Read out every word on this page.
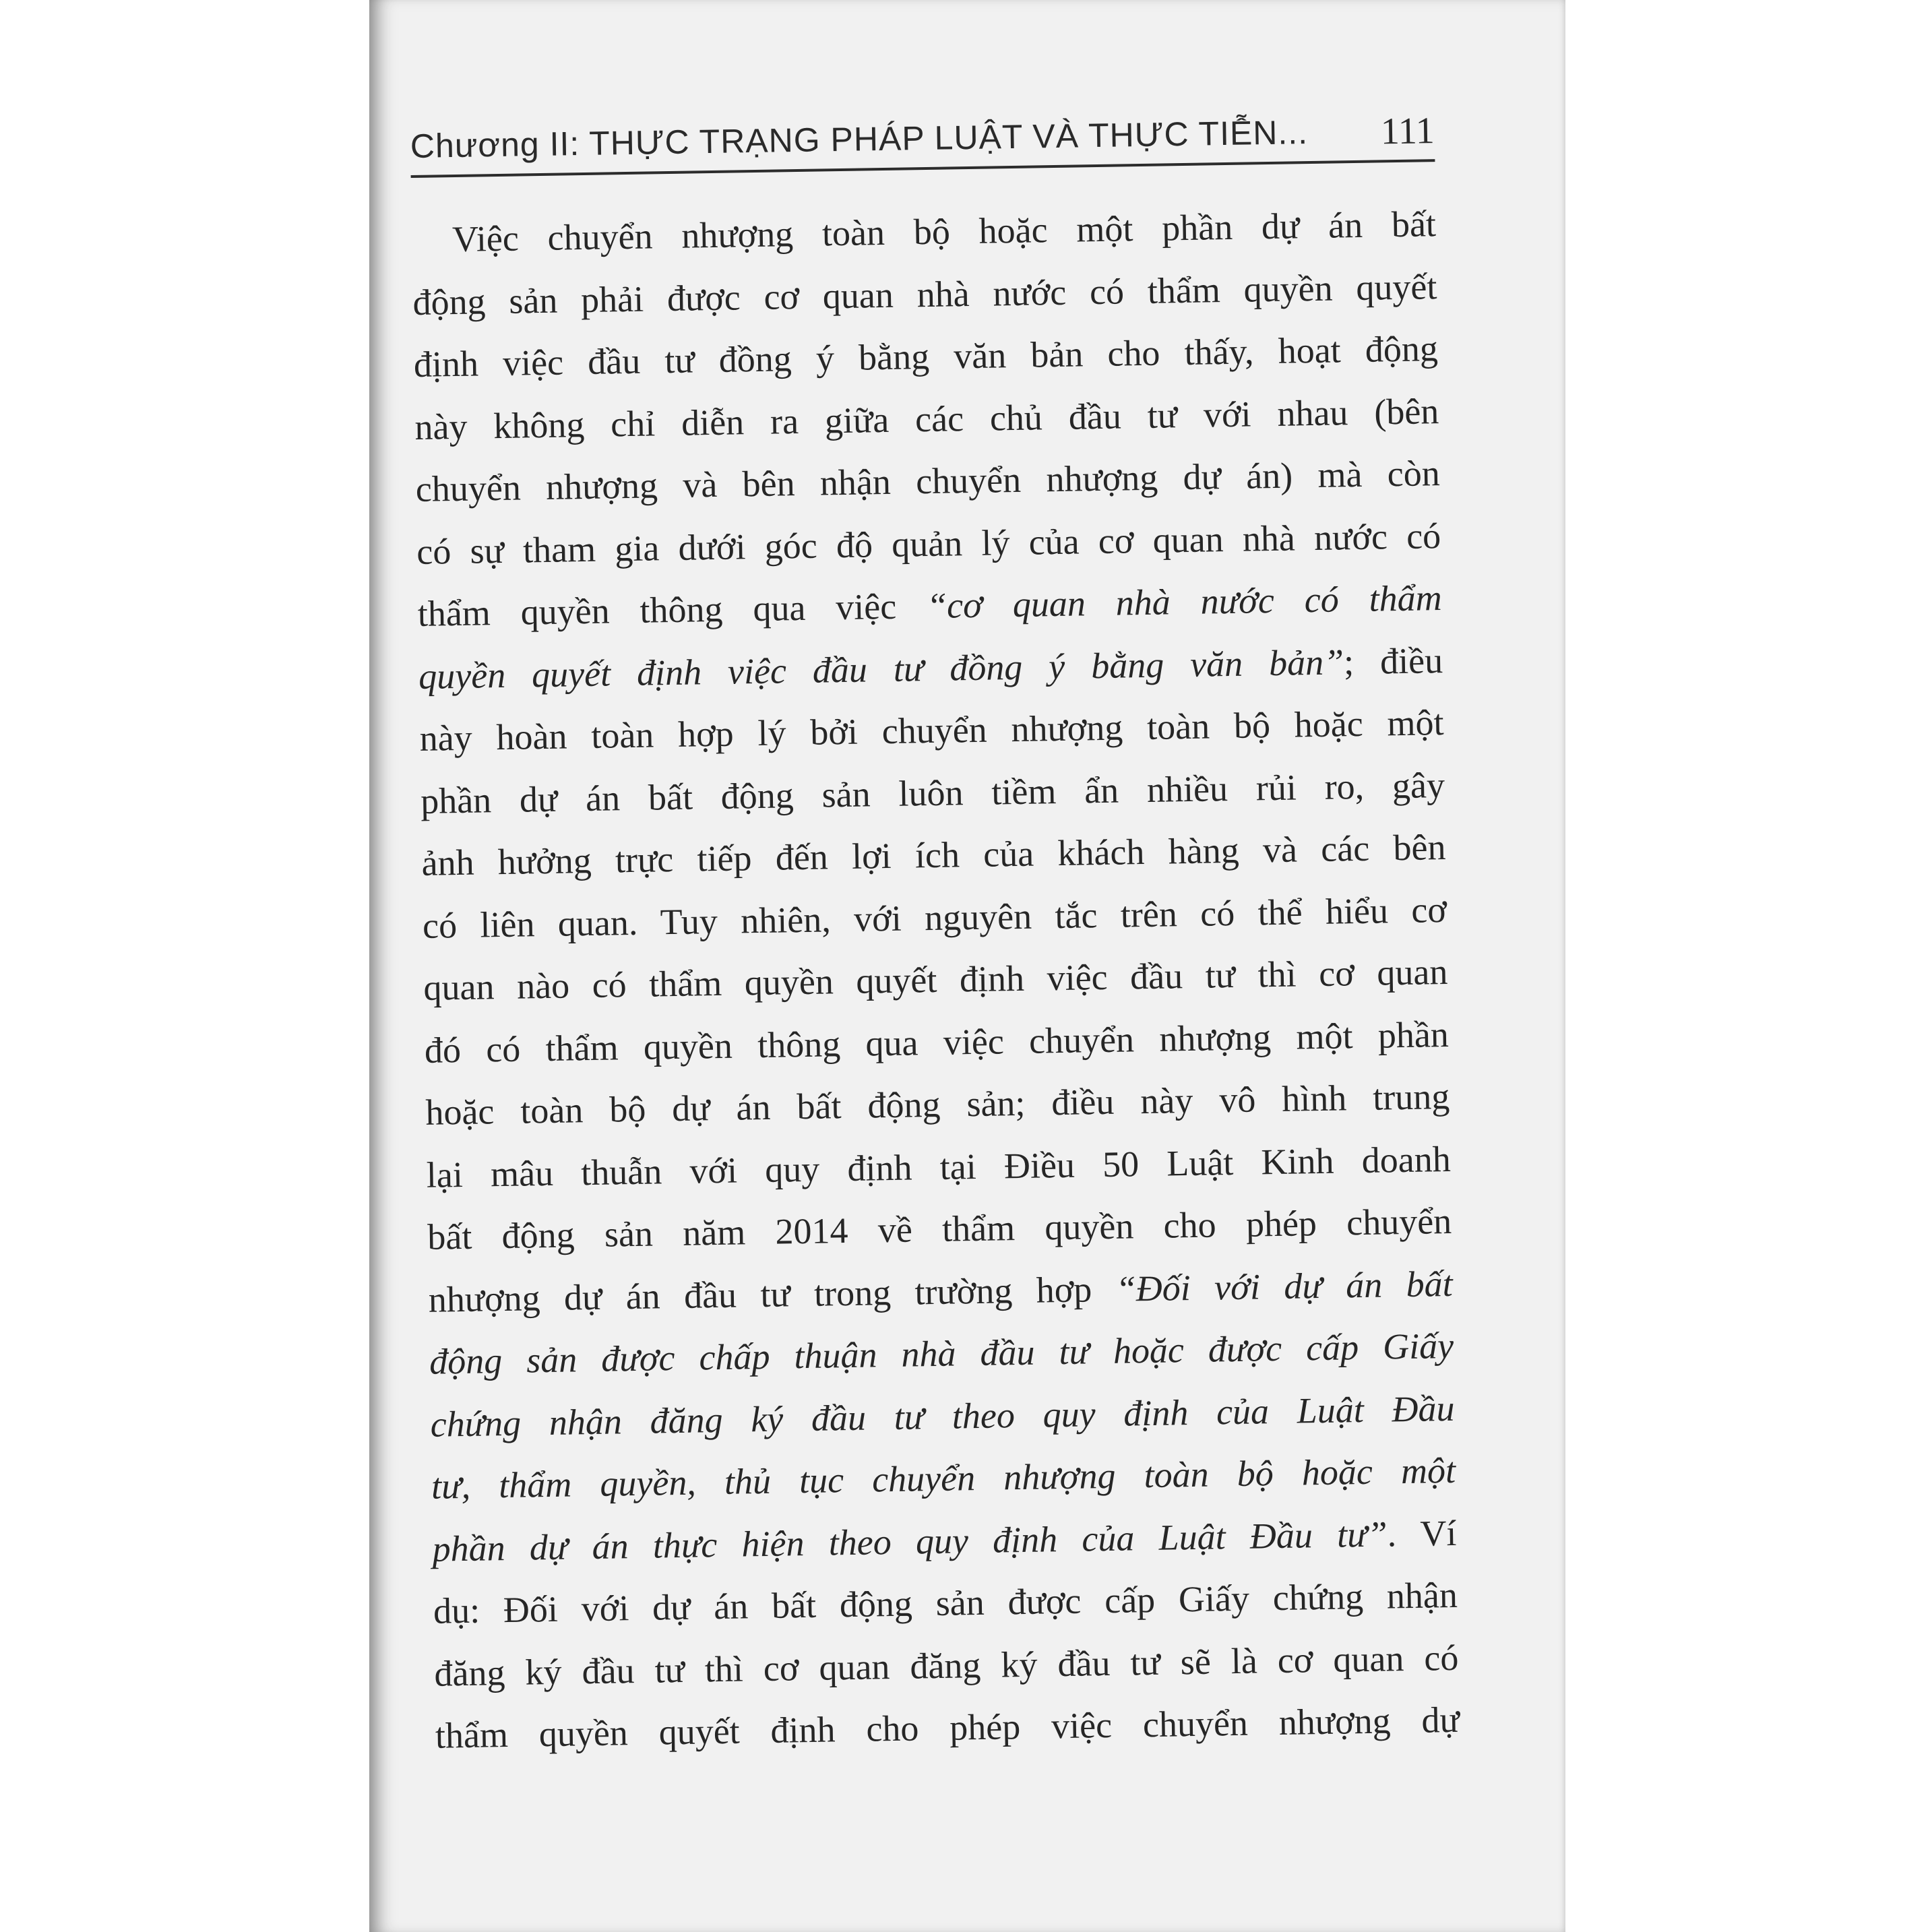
Chương II: THỰC TRẠNG PHÁP LUẬT VÀ THỰC TIỄN... 111
Việc chuyển nhượng toàn bộ hoặc một phần dự án bất
động sản phải được cơ quan nhà nước có thẩm quyền quyết
định việc đầu tư đồng ý bằng văn bản cho thấy, hoạt động
này không chỉ diễn ra giữa các chủ đầu tư với nhau (bên
chuyển nhượng và bên nhận chuyển nhượng dự án) mà còn
có sự tham gia dưới góc độ quản lý của cơ quan nhà nước có
thẩm quyền thông qua việc “cơ quan nhà nước có thẩm
quyền quyết định việc đầu tư đồng ý bằng văn bản”; điều
này hoàn toàn hợp lý bởi chuyển nhượng toàn bộ hoặc một
phần dự án bất động sản luôn tiềm ẩn nhiều rủi ro, gây
ảnh hưởng trực tiếp đến lợi ích của khách hàng và các bên
có liên quan. Tuy nhiên, với nguyên tắc trên có thể hiểu cơ
quan nào có thẩm quyền quyết định việc đầu tư thì cơ quan
đó có thẩm quyền thông qua việc chuyển nhượng một phần
hoặc toàn bộ dự án bất động sản; điều này vô hình trung
lại mâu thuẫn với quy định tại Điều 50 Luật Kinh doanh
bất động sản năm 2014 về thẩm quyền cho phép chuyển
nhượng dự án đầu tư trong trường hợp “Đối với dự án bất
động sản được chấp thuận nhà đầu tư hoặc được cấp Giấy
chứng nhận đăng ký đầu tư theo quy định của Luật Đầu
tư, thẩm quyền, thủ tục chuyển nhượng toàn bộ hoặc một
phần dự án thực hiện theo quy định của Luật Đầu tư”. Ví
dụ: Đối với dự án bất động sản được cấp Giấy chứng nhận
đăng ký đầu tư thì cơ quan đăng ký đầu tư sẽ là cơ quan có
thẩm quyền quyết định cho phép việc chuyển nhượng dự
